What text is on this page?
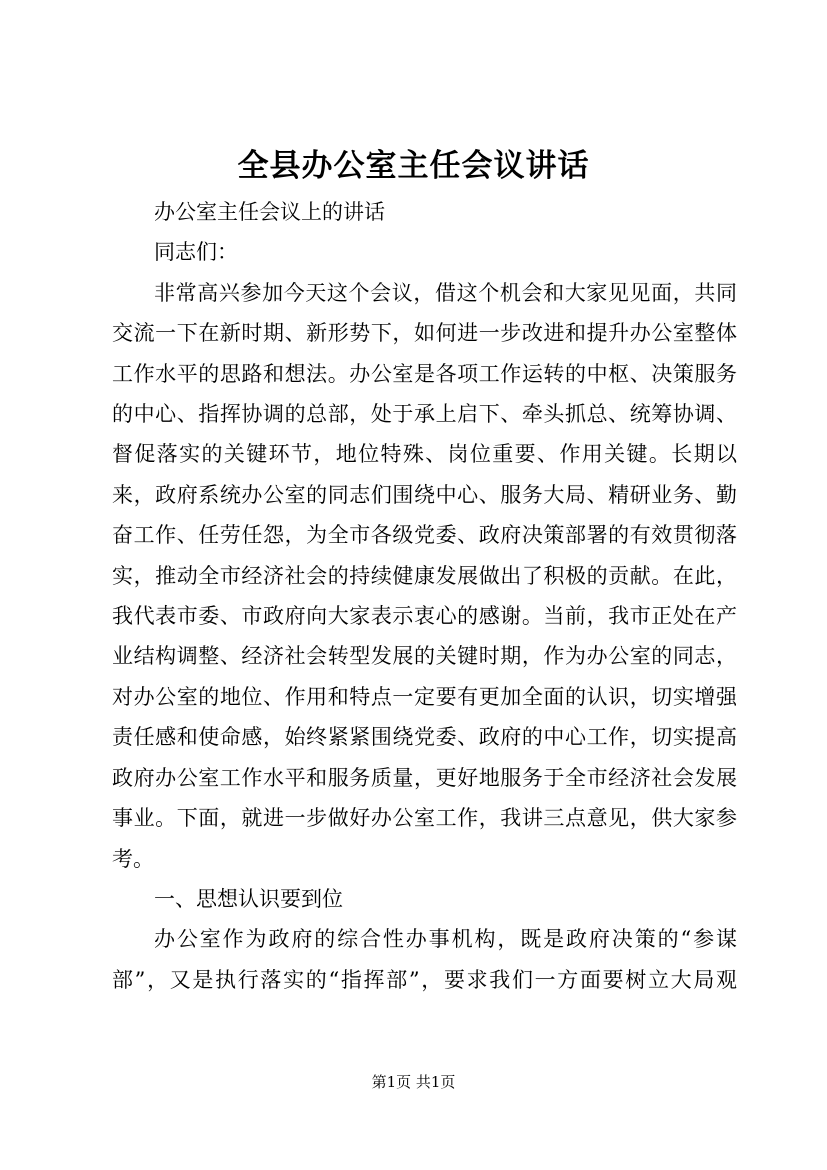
全县办公室主任会议讲话

办公室主任会议上的讲话

同志们：

非常高兴参加今天这个会议，借这个机会和大家见见面，共同交流一下在新时期、新形势下，如何进一步改进和提升办公室整体工作水平的思路和想法。办公室是各项工作运转的中枢、决策服务的中心、指挥协调的总部，处于承上启下、牵头抓总、统筹协调、督促落实的关键环节，地位特殊、岗位重要、作用关键。长期以来，政府系统办公室的同志们围绕中心、服务大局、精研业务、勤奋工作、任劳任怨，为全市各级党委、政府决策部署的有效贯彻落实，推动全市经济社会的持续健康发展做出了积极的贡献。在此，我代表市委、市政府向大家表示衷心的感谢。当前，我市正处在产业结构调整、经济社会转型发展的关键时期，作为办公室的同志，对办公室的地位、作用和特点一定要有更加全面的认识，切实增强责任感和使命感，始终紧紧围绕党委、政府的中心工作，切实提高政府办公室工作水平和服务质量，更好地服务于全市经济社会发展事业。下面，就进一步做好办公室工作，我讲三点意见，供大家参考。

一、思想认识要到位

办公室作为政府的综合性办事机构，既是政府决策的“参谋部”，又是执行落实的“指挥部”，要求我们一方面要树立大局观

第1页 共1页
